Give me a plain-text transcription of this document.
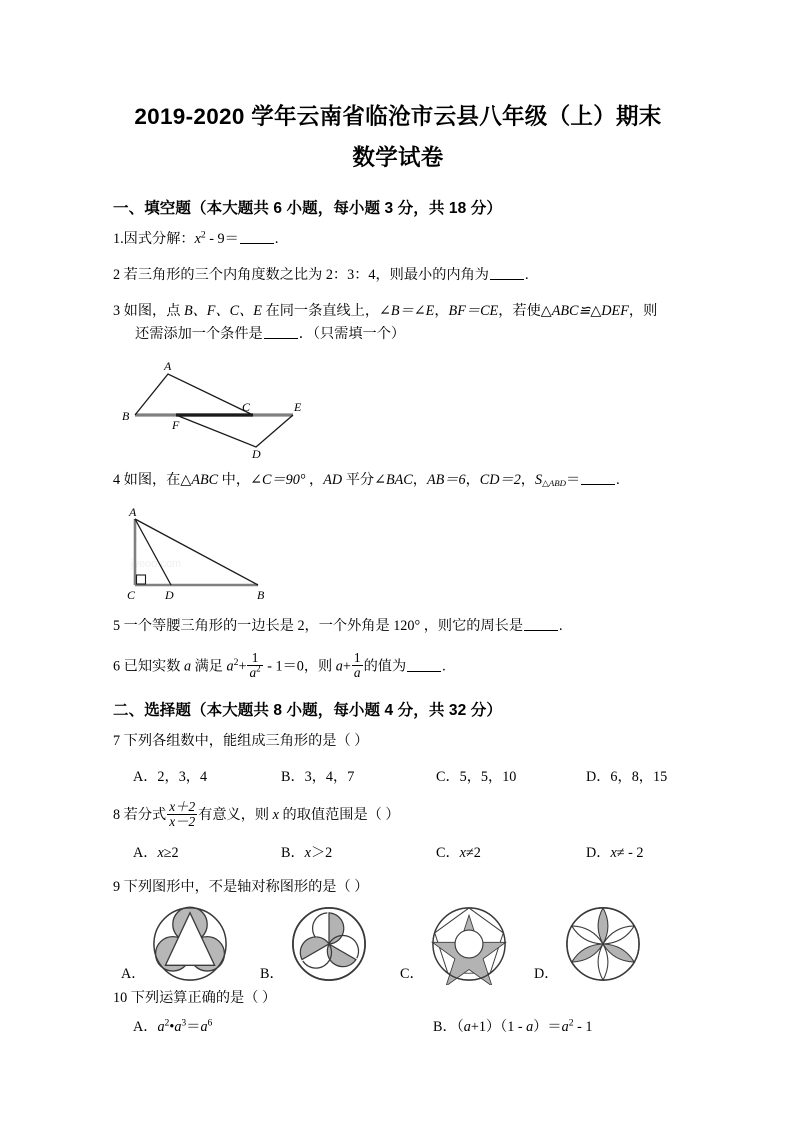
2019-2020 学年云南省临沧市云县八年级（上）期末
数学试卷
一、填空题（本大题共 6 小题，每小题 3 分，共 18 分）
1.因式分解：$x^2 - 9=$	.
2 若三角形的三个内角度数之比为 2：3：4，则最小的内角为	.
3 如图，点 B、F、C、E 在同一条直线上，∠B＝∠E，BF＝CE，若使△ABC≌△DEF，则
还需添加一个条件是	．（只需填一个）
A
B
C	E
F
D
4 如图，在△ABC 中，∠C＝90° ，AD 平分∠BAC，AB＝6，CD＝2，$S_{\triangle ABD}=$	.
jyeoo.com
A
C D	B
5 一个等腰三角形的一边长是 2，一个外角是 120° ，则它的周长是	.
6 已知实数 a 满足 $a^2+ \frac{1}{a^2} - 1=0$，则 $a+ \frac{1}{a}$ 的值为	.
二、选择题（本大题共 8 小题，每小题 4 分，共 32 分）
7 下列各组数中，能组成三角形的是（ ）
A．2，3，4	B．3，4，7	C．5，5，10	D．6，8，15
8 若分式 $\frac{x+2}{x-2}$ 有意义，则 x 的取值范围是（ ）
A．x≥2	B．x＞2	C．x≠2	D．x≠ - 2
9 下列图形中，不是轴对称图形的是（ ）
A．	B．	C．	D．
10 下列运算正确的是（ ）
A．$a^2•a^3=a^6$	B．$(a+1)(1 - a)=a^2 - 1$
